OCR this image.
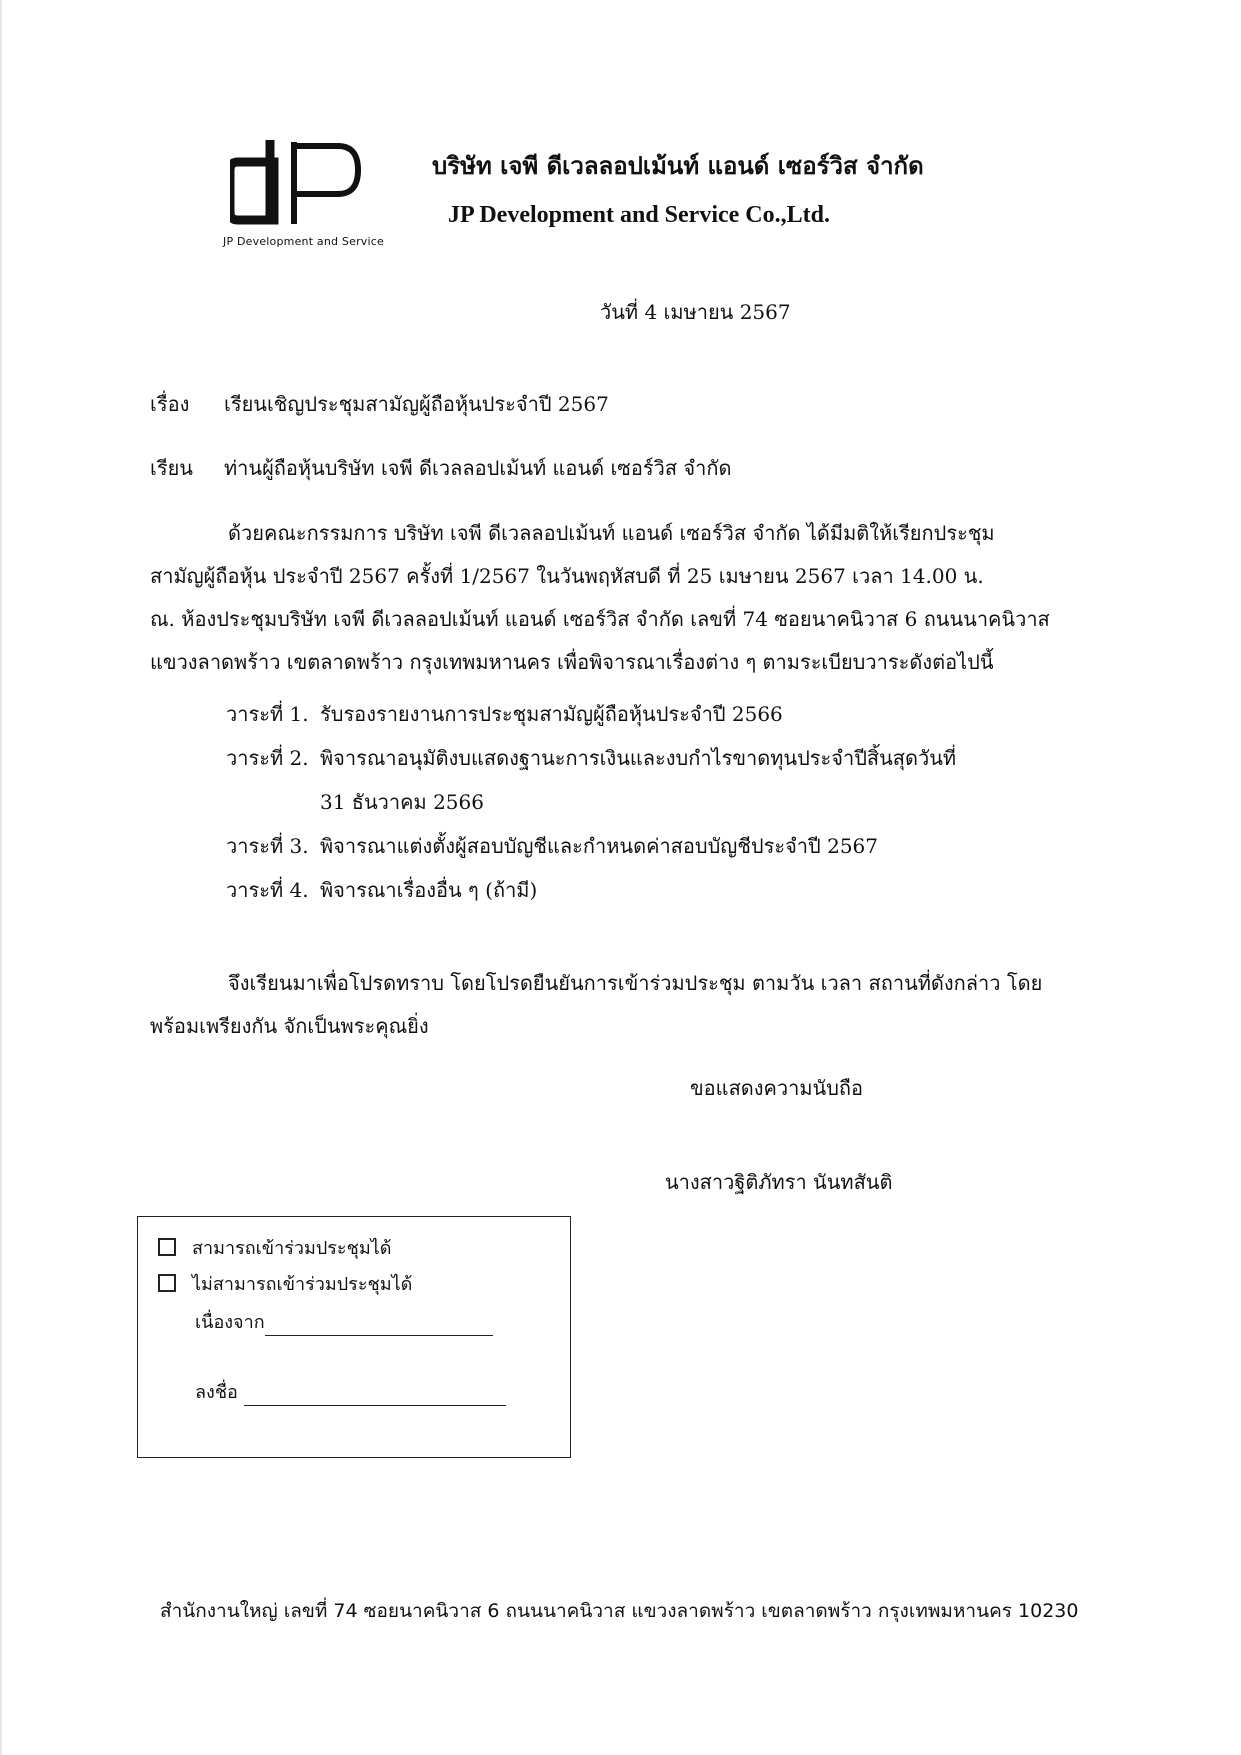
JP Development and Service
บริษัท เจพี ดีเวลลอปเม้นท์ แอนด์ เซอร์วิส จำกัด
JP Development and Service Co.,Ltd.
วันที่ 4 เมษายน 2567
เรื่อง เรียนเชิญประชุมสามัญผู้ถือหุ้นประจำปี 2567
เรียน ท่านผู้ถือหุ้นบริษัท เจพี ดีเวลลอปเม้นท์ แอนด์ เซอร์วิส จำกัด
ด้วยคณะกรรมการ บริษัท เจพี ดีเวลลอปเม้นท์ แอนด์ เซอร์วิส จำกัด ได้มีมติให้เรียกประชุม
สามัญผู้ถือหุ้น ประจำปี 2567 ครั้งที่ 1/2567 ในวันพฤหัสบดี ที่ 25 เมษายน 2567 เวลา 14.00 น.
ณ. ห้องประชุมบริษัท เจพี ดีเวลลอปเม้นท์ แอนด์ เซอร์วิส จำกัด เลขที่ 74 ซอยนาคนิวาส 6 ถนนนาคนิวาส
แขวงลาดพร้าว เขตลาดพร้าว กรุงเทพมหานคร เพื่อพิจารณาเรื่องต่าง ๆ ตามระเบียบวาระดังต่อไปนี้
วาระที่ 1. รับรองรายงานการประชุมสามัญผู้ถือหุ้นประจำปี 2566
วาระที่ 2. พิจารณาอนุมัติงบแสดงฐานะการเงินและงบกำไรขาดทุนประจำปีสิ้นสุดวันที่
31 ธันวาคม 2566
วาระที่ 3. พิจารณาแต่งตั้งผู้สอบบัญชีและกำหนดค่าสอบบัญชีประจำปี 2567
วาระที่ 4. พิจารณาเรื่องอื่น ๆ (ถ้ามี)
จึงเรียนมาเพื่อโปรดทราบ โดยโปรดยืนยันการเข้าร่วมประชุม ตามวัน เวลา สถานที่ดังกล่าว โดย
พร้อมเพรียงกัน จักเป็นพระคุณยิ่ง
ขอแสดงความนับถือ
นางสาวฐิติภัทรา นันทสันติ
สามารถเข้าร่วมประชุมได้
ไม่สามารถเข้าร่วมประชุมได้
เนื่องจาก
ลงชื่อ
สำนักงานใหญ่ เลขที่ 74 ซอยนาคนิวาส 6 ถนนนาคนิวาส แขวงลาดพร้าว เขตลาดพร้าว กรุงเทพมหานคร 10230
